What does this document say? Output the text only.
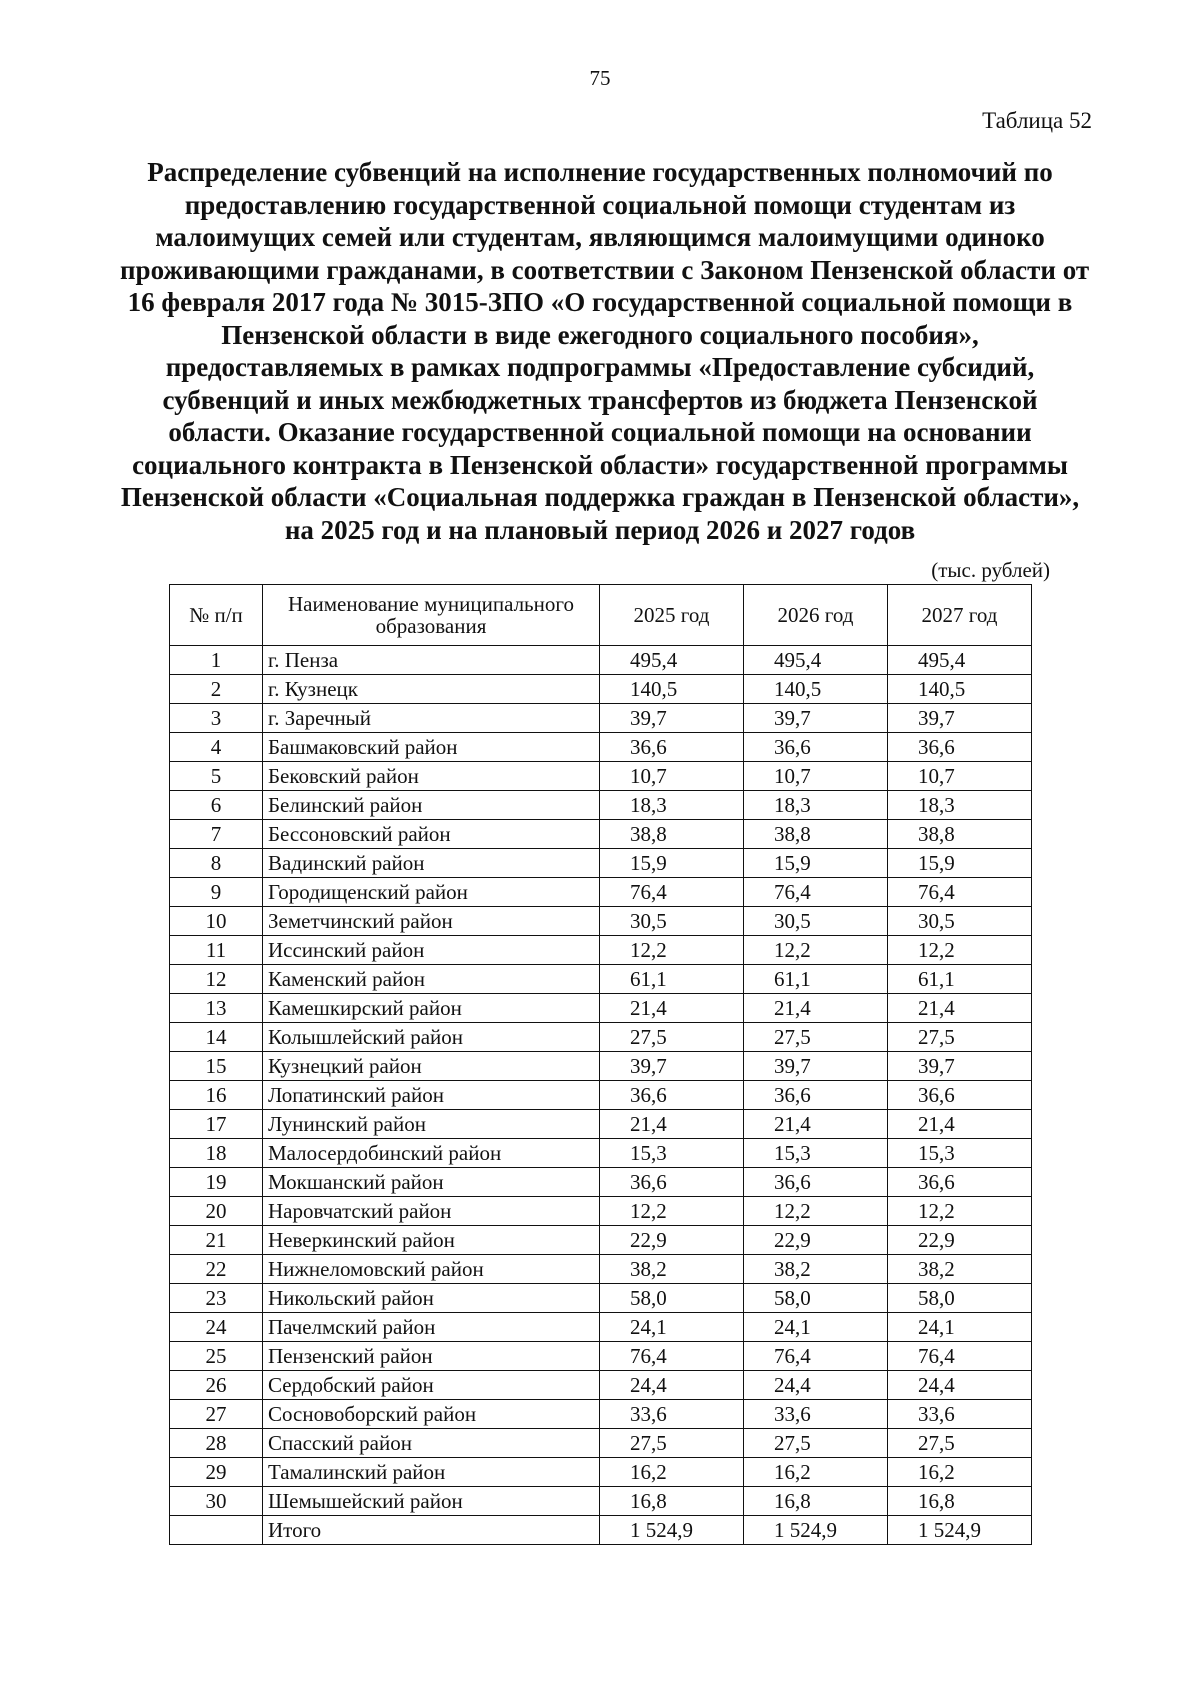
75
Таблица 52
Распределение субвенций на исполнение государственных полномочий по
предоставлению государственной социальной помощи студентам из
малоимущих семей или студентам, являющимся малоимущими одиноко
проживающими гражданами, в соответствии с Законом Пензенской области от
16 февраля 2017 года № 3015-ЗПО «О государственной социальной помощи в
Пензенской области в виде ежегодного социального пособия»,
предоставляемых в рамках подпрограммы «Предоставление субсидий,
субвенций и иных межбюджетных трансфертов из бюджета Пензенской
области. Оказание государственной социальной помощи на основании
социального контракта в Пензенской области» государственной программы
Пензенской области «Социальная поддержка граждан в Пензенской области»,
на 2025 год и на плановый период 2026 и 2027 годов
(тыс. рублей)
№ п/п	Наименование муниципального образования	2025 год	2026 год	2027 год
1	г. Пенза	495,4	495,4	495,4
2	г. Кузнецк	140,5	140,5	140,5
3	г. Заречный	39,7	39,7	39,7
4	Башмаковский район	36,6	36,6	36,6
5	Бековский район	10,7	10,7	10,7
6	Белинский район	18,3	18,3	18,3
7	Бессоновский район	38,8	38,8	38,8
8	Вадинский район	15,9	15,9	15,9
9	Городищенский район	76,4	76,4	76,4
10	Земетчинский район	30,5	30,5	30,5
11	Иссинский район	12,2	12,2	12,2
12	Каменский район	61,1	61,1	61,1
13	Камешкирский район	21,4	21,4	21,4
14	Колышлейский район	27,5	27,5	27,5
15	Кузнецкий район	39,7	39,7	39,7
16	Лопатинский район	36,6	36,6	36,6
17	Лунинский район	21,4	21,4	21,4
18	Малосердобинский район	15,3	15,3	15,3
19	Мокшанский район	36,6	36,6	36,6
20	Наровчатский район	12,2	12,2	12,2
21	Неверкинский район	22,9	22,9	22,9
22	Нижнеломовский район	38,2	38,2	38,2
23	Никольский район	58,0	58,0	58,0
24	Пачелмский район	24,1	24,1	24,1
25	Пензенский район	76,4	76,4	76,4
26	Сердобский район	24,4	24,4	24,4
27	Сосновоборский район	33,6	33,6	33,6
28	Спасский район	27,5	27,5	27,5
29	Тамалинский район	16,2	16,2	16,2
30	Шемышейский район	16,8	16,8	16,8
	Итого	1 524,9	1 524,9	1 524,9
